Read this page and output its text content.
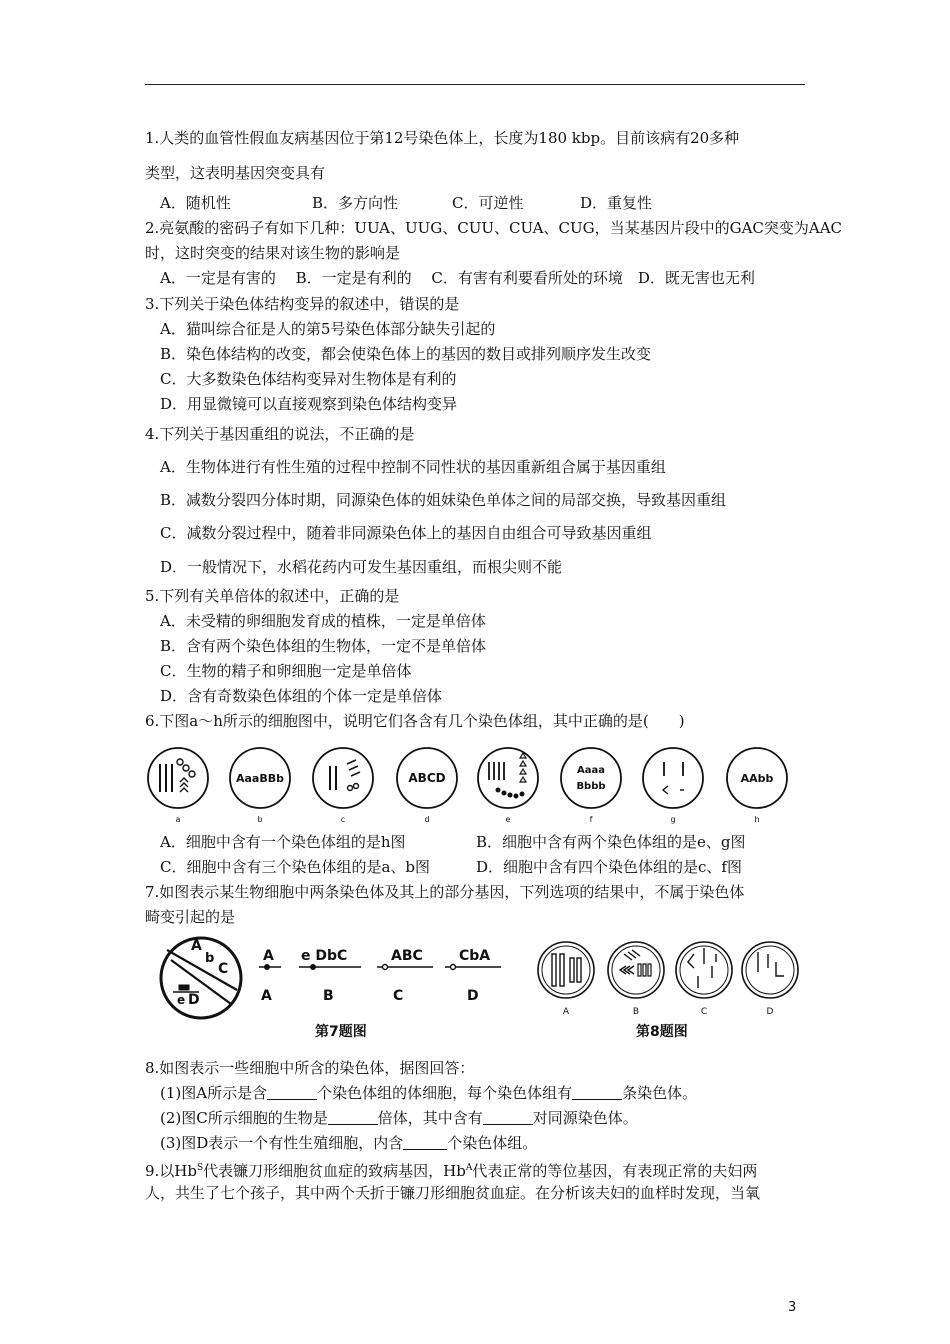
1.人类的血管性假血友病基因位于第12号染色体上，长度为180 kbp。目前该病有20多种
类型，这表明基因突变具有
A．随机性	B．多方向性	C．可逆性	D．重复性
2.亮氨酸的密码子有如下几种：UUA、UUG、CUU、CUA、CUG，当某基因片段中的GAC突变为AAC
时，这时突变的结果对该生物的影响是
A．一定是有害的　 B．一定是有利的　 C．有害有利要看所处的环境　D．既无害也无利
3.下列关于染色体结构变异的叙述中，错误的是
A．猫叫综合征是人的第5号染色体部分缺失引起的
B．染色体结构的改变，都会使染色体上的基因的数目或排列顺序发生改变
C．大多数染色体结构变异对生物体是有利的
D．用显微镜可以直接观察到染色体结构变异
4.下列关于基因重组的说法，不正确的是
A．生物体进行有性生殖的过程中控制不同性状的基因重新组合属于基因重组
B．减数分裂四分体时期，同源染色体的姐妹染色单体之间的局部交换，导致基因重组
C．减数分裂过程中，随着非同源染色体上的基因自由组合可导致基因重组
D．一般情况下，水稻花药内可发生基因重组，而根尖则不能
5.下列有关单倍体的叙述中，正确的是
A．未受精的卵细胞发育成的植株，一定是单倍体
B．含有两个染色体组的生物体，一定不是单倍体
C．生物的精子和卵细胞一定是单倍体
D．含有奇数染色体组的个体一定是单倍体
6.下图a～h所示的细胞图中，说明它们各含有几个染色体组，其中正确的是(　　)
a
AaaBBb
b	c
ABCD
d	e
Aaaa
Bbbb
f	g
AAbb
h
A．细胞中含有一个染色体组的是h图	B．细胞中含有两个染色体组的是e、g图
C．细胞中含有三个染色体组的是a、b图	D．细胞中含有四个染色体组的是c、f图
7.如图表示某生物细胞中两条染色体及其上的部分基因，下列选项的结果中，不属于染色体
畸变引起的是
A
b
C
e D
A
A
e DbC
B
ABC
C
CbA
D
第7题图
A	B	C	D
第8题图
8.如图表示一些细胞中所含的染色体，据图回答：
(1)图A所示是含	个染色体组的体细胞，每个染色体组有	条染色体。
(2)图C所示细胞的生物是	倍体，其中含有	对同源染色体。
(3)图D表示一个有性生殖细胞，内含	个染色体组。
9.以$Hb^S$代表镰刀形细胞贫血症的致病基因，$Hb^A$代表正常的等位基因，有表现正常的夫妇两
人，共生了七个孩子，其中两个夭折于镰刀形细胞贫血症。在分析该夫妇的血样时发现，当氧
3
